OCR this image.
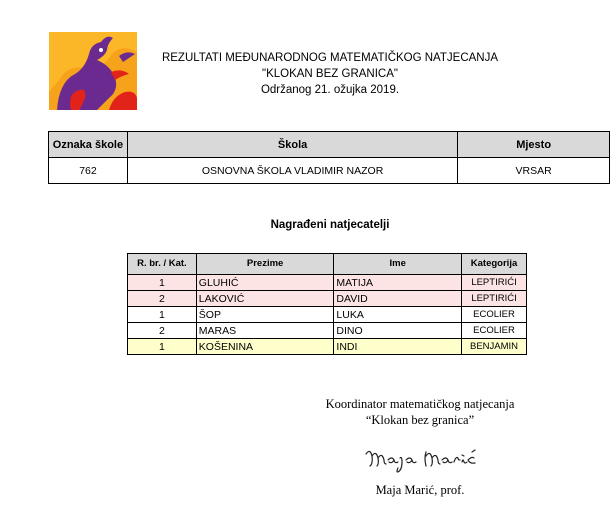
REZULTATI MEĐUNARODNOG MATEMATIČKOG NATJECANJA
"KLOKAN BEZ GRANICA"
Održanog 21. ožujka 2019.
Oznaka škole	Škola	Mjesto
762	OSNOVNA ŠKOLA VLADIMIR NAZOR	VRSAR
Nagrađeni natjecatelji
R. br. / Kat.	Prezime	Ime	Kategorija
1	GLUHIĆ	MATIJA	LEPTIRIĆI
2	LAKOVIĆ	DAVID	LEPTIRIĆI
1	ŠOP	LUKA	ECOLIER
2	MARAS	DINO	ECOLIER
1	KOŠENINA	INDI	BENJAMIN
Koordinator matematičkog natjecanja
“Klokan bez granica”
Maja Marić, prof.
